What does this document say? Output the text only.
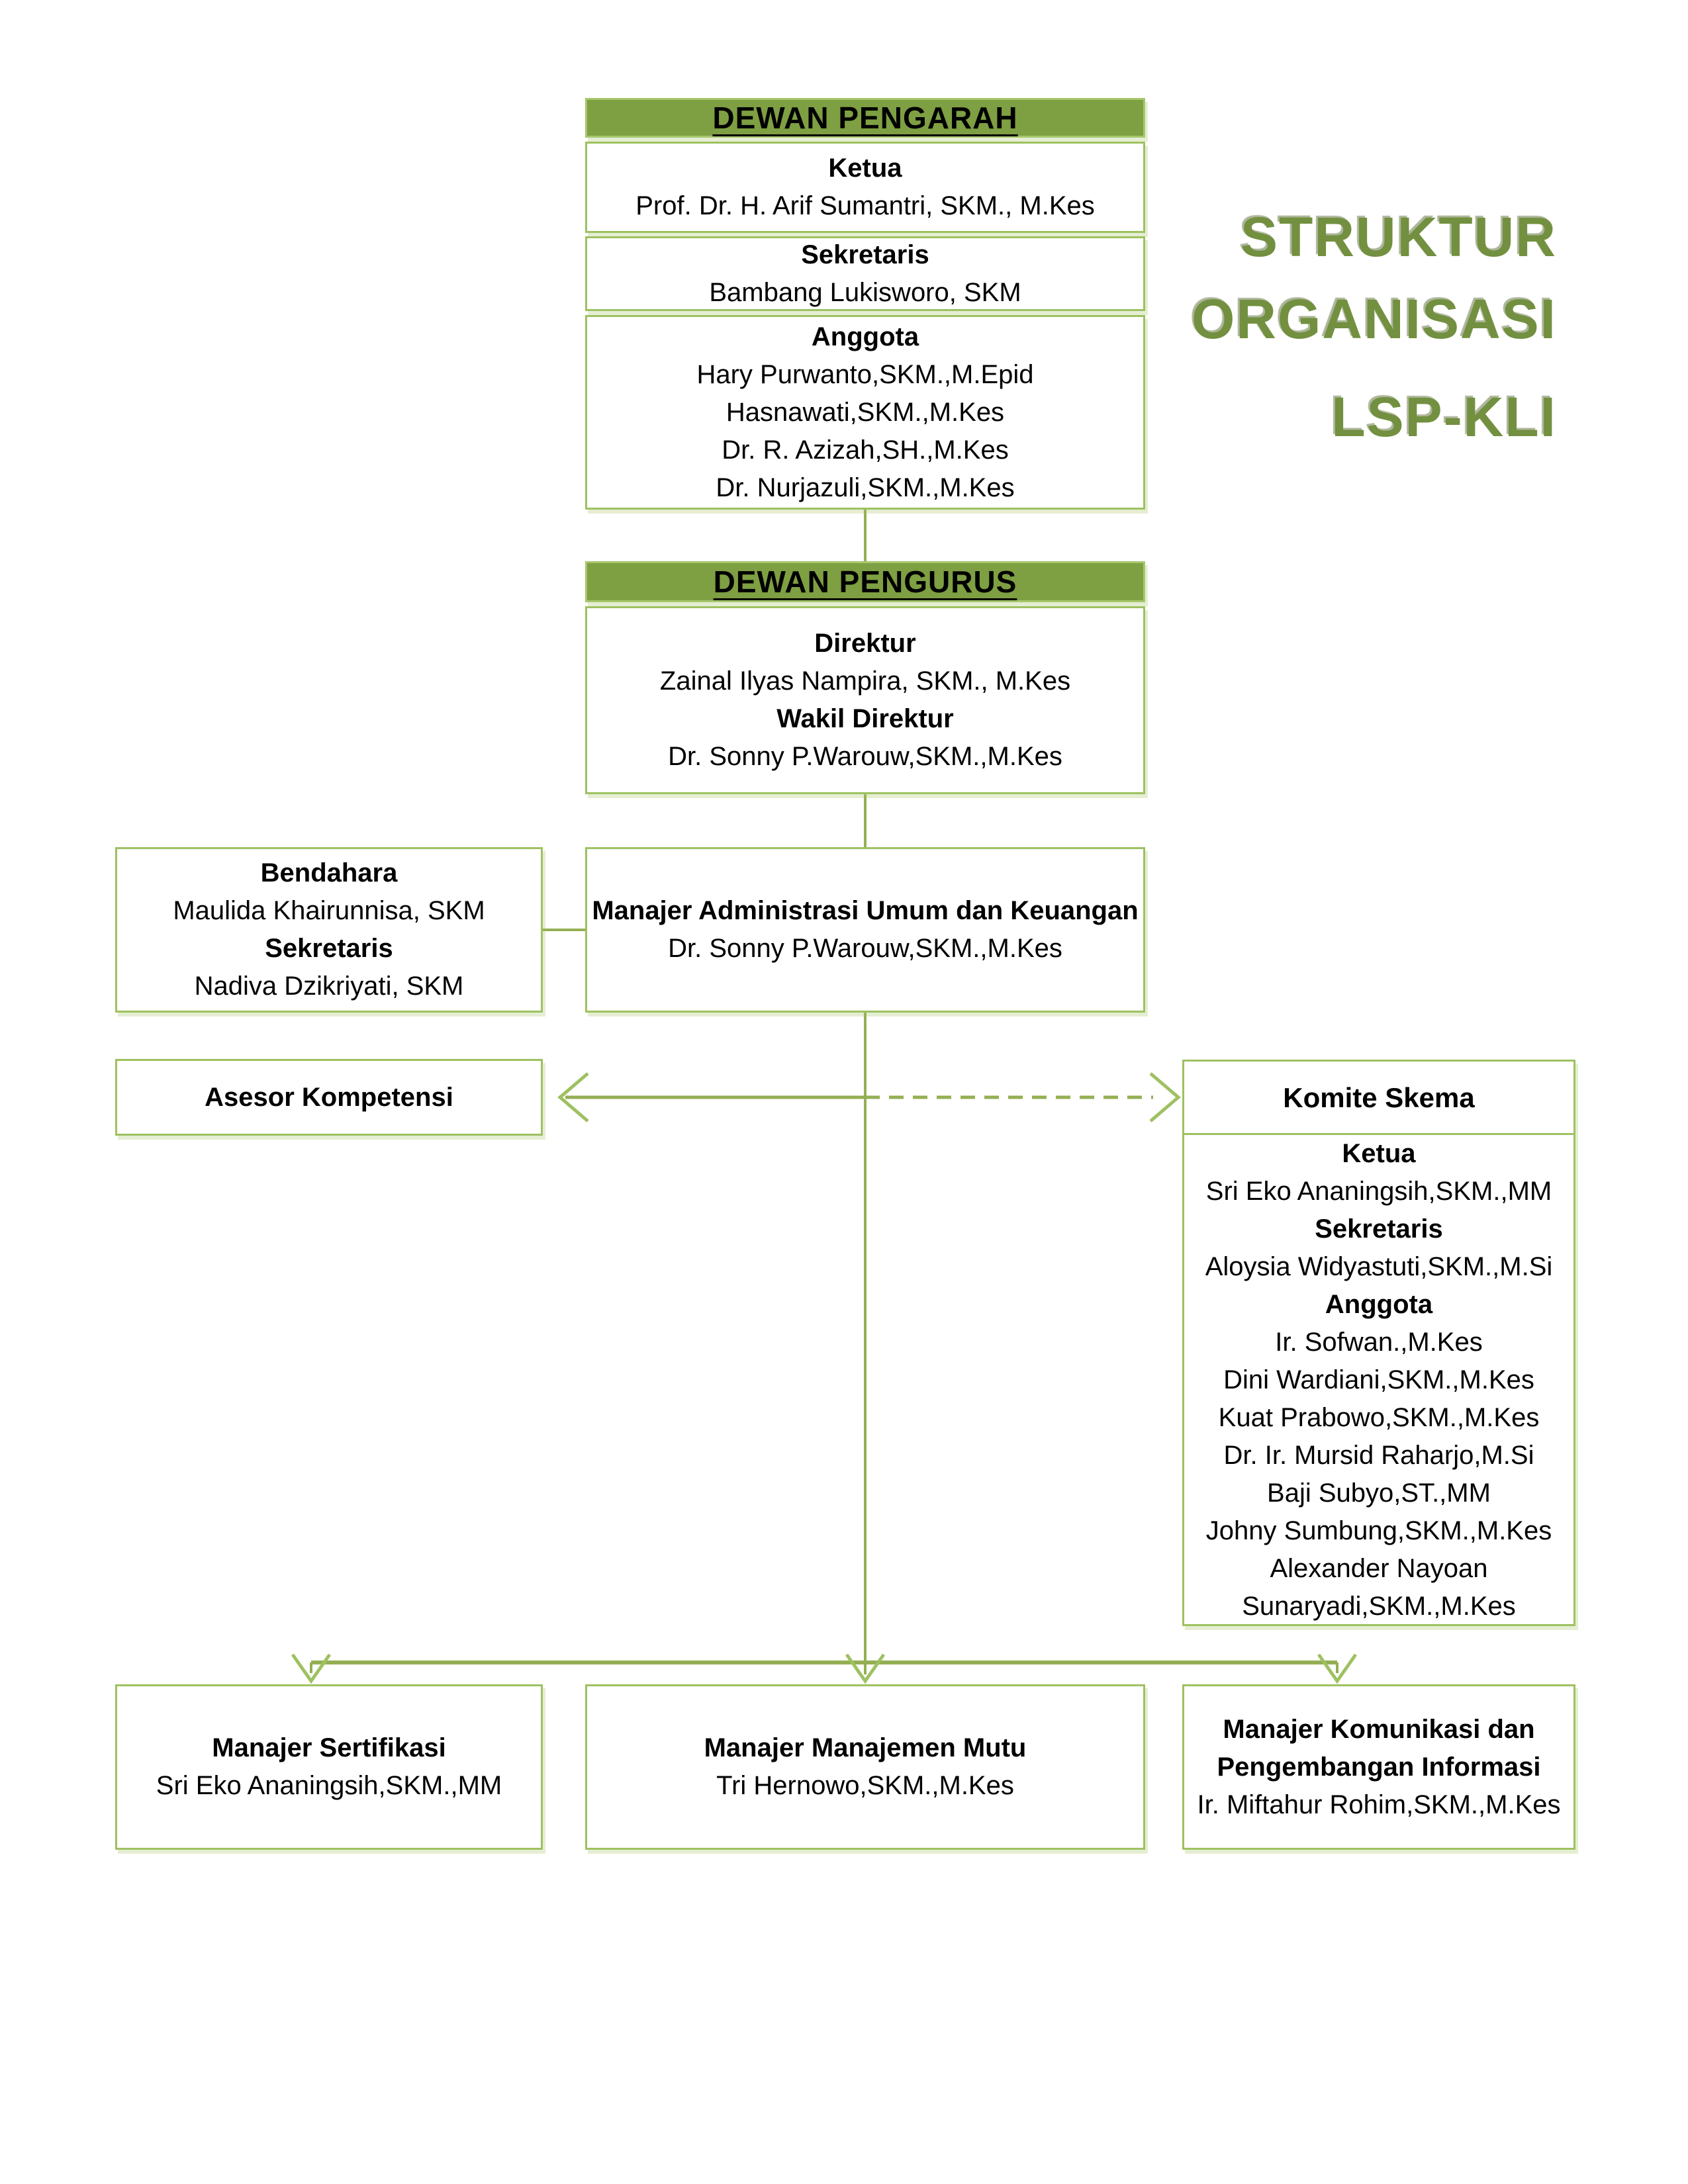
STRUKTUR
ORGANISASI
LSP-KLI
DEWAN PENGARAH
Ketua
Prof. Dr. H. Arif Sumantri, SKM., M.Kes
Sekretaris
Bambang Lukisworo, SKM
Anggota
Hary Purwanto,SKM.,M.Epid
Hasnawati,SKM.,M.Kes
Dr. R. Azizah,SH.,M.Kes
Dr. Nurjazuli,SKM.,M.Kes
DEWAN PENGURUS
Direktur
Zainal Ilyas Nampira, SKM., M.Kes
Wakil Direktur
Dr. Sonny P.Warouw,SKM.,M.Kes
Bendahara
Maulida Khairunnisa, SKM
Sekretaris
Nadiva Dzikriyati, SKM
Manajer Administrasi Umum dan Keuangan
Dr. Sonny P.Warouw,SKM.,M.Kes
Asesor Kompetensi	Komite Skema
Ketua
Sri Eko Ananingsih,SKM.,MM
Sekretaris
Aloysia Widyastuti,SKM.,M.Si
Anggota
Ir. Sofwan.,M.Kes
Dini Wardiani,SKM.,M.Kes
Kuat Prabowo,SKM.,M.Kes
Dr. Ir. Mursid Raharjo,M.Si
Baji Subyo,ST.,MM
Johny Sumbung,SKM.,M.Kes
Alexander Nayoan
Sunaryadi,SKM.,M.Kes
Manajer Sertifikasi
Sri Eko Ananingsih,SKM.,MM
Manajer Manajemen Mutu
Tri Hernowo,SKM.,M.Kes
Manajer Komunikasi dan Pengembangan Informasi
Ir. Miftahur Rohim,SKM.,M.Kes
